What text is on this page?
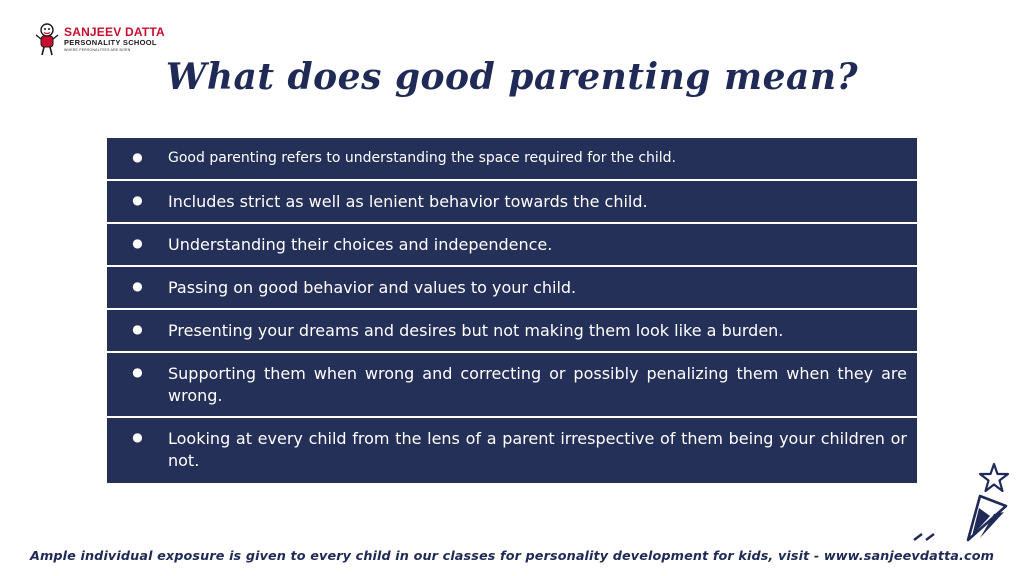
SANJEEV DATTA
PERSONALITY SCHOOL
WHERE PERSONALITIES ARE BORN
What does good parenting mean?
●	Good parenting refers to understanding the space required for the child.
●	Includes strict as well as lenient behavior towards the child.
●	Understanding their choices and independence.
●	Passing on good behavior and values to your child.
●	Presenting your dreams and desires but not making them look like a burden.
●	Supporting them when wrong and correcting or possibly penalizing them when they are wrong.
●	Looking at every child from the lens of a parent irrespective of them being your children or not.
Ample individual exposure is given to every child in our classes for personality development for kids, visit - www.sanjeevdatta.com
